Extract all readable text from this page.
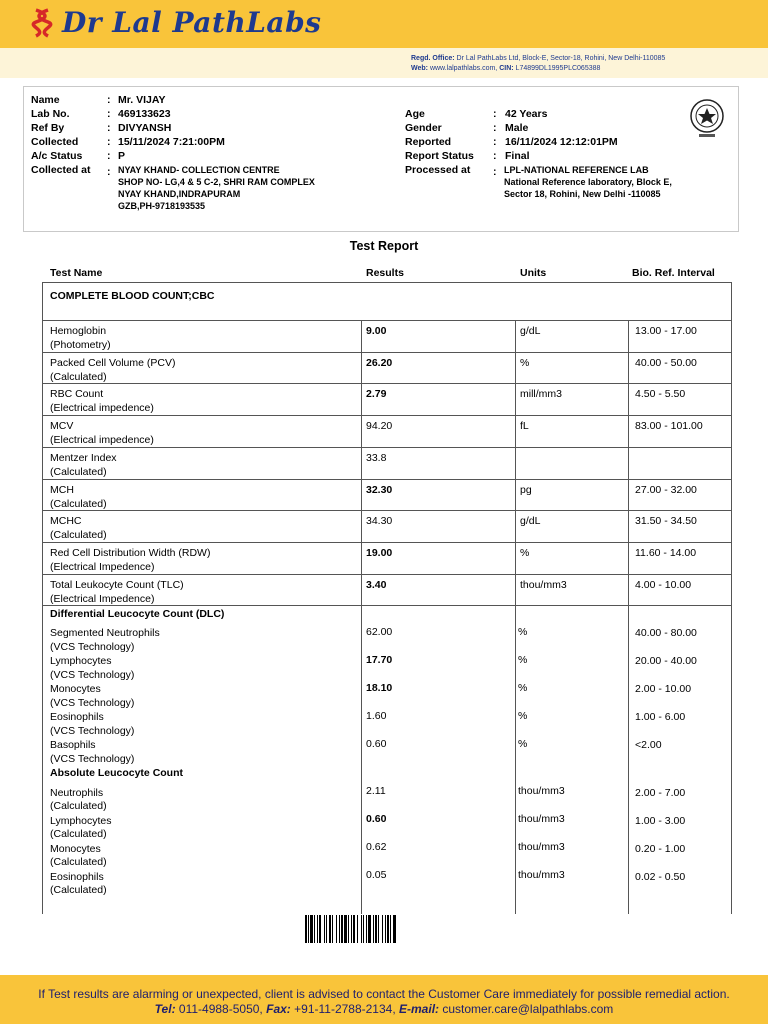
Dr Lal PathLabs
Regd. Office: Dr Lal PathLabs Ltd, Block-E, Sector-18, Rohini, New Delhi-110085
Web: www.lalpathlabs.com, CIN: L74899DL1995PLC065388
Name	: Mr. VIJAY
Lab No.	: 469133623
Ref By	: DIVYANSH
Collected	: 15/11/2024 7:21:00PM
A/c Status : P
Collected at : NYAY KHAND- COLLECTION CENTRE
SHOP NO- LG,4 & 5 C-2, SHRI RAM COMPLEX
NYAY KHAND,INDRAPURAM
GZB,PH-9718193535
Age	: 42 Years
Gender	: Male
Reported	: 16/11/2024 12:12:01PM
Report Status : Final
Processed at : LPL-NATIONAL REFERENCE LAB
National Reference laboratory, Block E,
Sector 18, Rohini, New Delhi -110085
Test Report
Test Name	Results	Units	Bio. Ref. Interval
COMPLETE BLOOD COUNT;CBC
Hemoglobin
(Photometry)
9.00	g/dL	13.00 - 17.00
Packed Cell Volume (PCV)
(Calculated)
26.20	%	40.00 - 50.00
RBC Count
(Electrical impedence)
2.79	mill/mm3	4.50 - 5.50
MCV
(Electrical impedence)
94.20	fL	83.00 - 101.00
Mentzer Index
(Calculated)
33.8
MCH
(Calculated)
32.30	pg	27.00 - 32.00
MCHC
(Calculated)
34.30	g/dL	31.50 - 34.50
Red Cell Distribution Width (RDW)
(Electrical Impedence)
19.00	%	11.60 - 14.00
Total Leukocyte Count (TLC)
(Electrical Impedence)
3.40	thou/mm3	4.00 - 10.00
Differential Leucocyte Count (DLC)
Segmented Neutrophils
(VCS Technology)
62.00	%	40.00 - 80.00
Lymphocytes
(VCS Technology)
17.70	%	20.00 - 40.00
Monocytes
(VCS Technology)
18.10	%	2.00 - 10.00
Eosinophils
(VCS Technology)
1.60	%	1.00 - 6.00
Basophils
(VCS Technology)
0.60	%	<2.00
Absolute Leucocyte Count
Neutrophils
(Calculated)
2.11	thou/mm3	2.00 - 7.00
Lymphocytes
(Calculated)
0.60	thou/mm3	1.00 - 3.00
Monocytes
(Calculated)
0.62	thou/mm3	0.20 - 1.00
Eosinophils
(Calculated)
0.05	thou/mm3	0.02 - 0.50
If Test results are alarming or unexpected, client is advised to contact the Customer Care immediately for possible remedial action.
Tel: 011-4988-5050, Fax: +91-11-2788-2134, E-mail: customer.care@lalpathlabs.com
